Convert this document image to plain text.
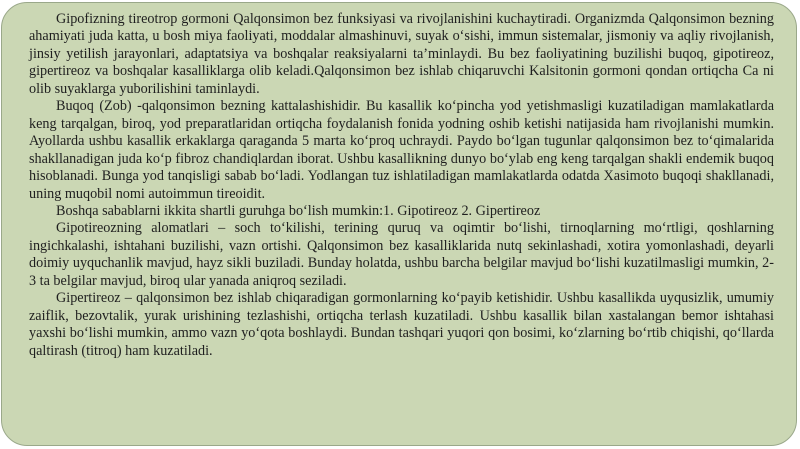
Gipofizning tireotrop gormoni Qalqonsimon bez funksiyasi va rivojlanishini kuchaytiradi. Organizmda Qalqonsimon bezning ahamiyati juda katta, u bosh miya faoliyati, moddalar almashinuvi, suyak o‘sishi, immun sistemalar, jismoniy va aqliy rivojlanish, jinsiy yetilish jarayonlari, adaptatsiya va boshqalar reaksiyalarni ta’minlaydi. Bu bez faoliyatining buzilishi buqoq, gipotireoz, gipertireoz va boshqalar kasalliklarga olib keladi.Qalqonsimon bez ishlab chiqaruvchi Kalsitonin gormoni qondan ortiqcha Ca ni olib suyaklarga yuborilishini taminlaydi.

Buqoq (Zob) -qalqonsimon bezning kattalashishidir. Bu kasallik ko‘pincha yod yetishmasligi kuzatiladigan mamlakatlarda keng tarqalgan, biroq, yod preparatlaridan ortiqcha foydalanish fonida yodning oshib ketishi natijasida ham rivojlanishi mumkin. Ayollarda ushbu kasallik erkaklarga qaraganda 5 marta ko‘proq uchraydi. Paydo bo‘lgan tugunlar qalqonsimon bez to‘qimalarida shakllanadigan juda ko‘p fibroz chandiqlardan iborat. Ushbu kasallikning dunyo bo‘ylab eng keng tarqalgan shakli endemik buqoq hisoblanadi. Bunga yod tanqisligi sabab bo‘ladi. Yodlangan tuz ishlatiladigan mamlakatlarda odatda Xasimoto buqoqi shakllanadi, uning muqobil nomi autoimmun tireoidit.

Boshqa sabablarni ikkita shartli guruhga bo‘lish mumkin:1. Gipotireoz 2. Gipertireoz

Gipotireozning alomatlari – soch to‘kilishi, terining quruq va oqimtir bo‘lishi, tirnoqlarning mo‘rtligi, qoshlarning ingichkalashi, ishtahani buzilishi, vazn ortishi. Qalqonsimon bez kasalliklarida nutq sekinlashadi, xotira yomonlashadi, deyarli doimiy uyquchanlik mavjud, hayz sikli buziladi. Bunday holatda, ushbu barcha belgilar mavjud bo‘lishi kuzatilmasligi mumkin, 2-3 ta belgilar mavjud, biroq ular yanada aniqroq seziladi.

Gipertireoz – qalqonsimon bez ishlab chiqaradigan gormonlarning ko‘payib ketishidir. Ushbu kasallikda uyqusizlik, umumiy zaiflik, bezovtalik, yurak urishining tezlashishi, ortiqcha terlash kuzatiladi. Ushbu kasallik bilan xastalangan bemor ishtahasi yaxshi bo‘lishi mumkin, ammo vazn yo‘qota boshlaydi. Bundan tashqari yuqori qon bosimi, ko‘zlarning bo‘rtib chiqishi, qo‘llarda qaltirash (titroq) ham kuzatiladi.
